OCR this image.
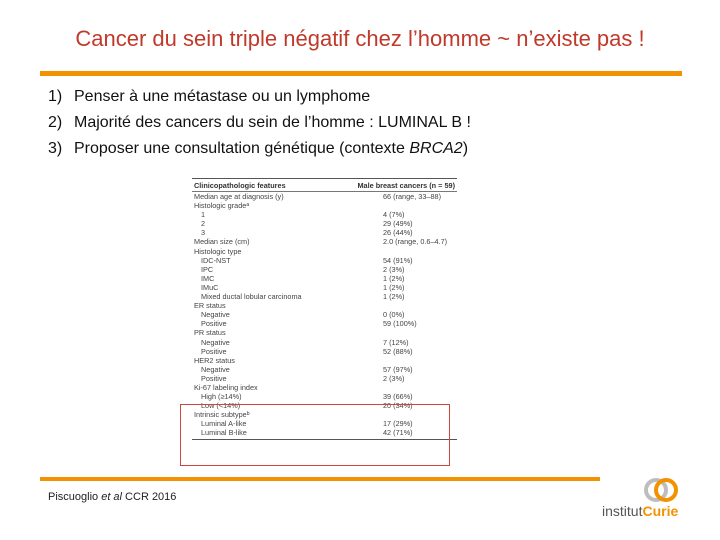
Cancer du sein triple négatif chez l’homme ~ n’existe pas !
1) Penser à une métastase ou un lymphome
2) Majorité des cancers du sein de l’homme : LUMINAL B !
3) Proposer une consultation génétique (contexte BRCA2)
Clinicopathologic features	Male breast cancers (n = 59)
Median age at diagnosis (y)	66 (range, 33–88)
Histologic grade a
1	4 (7%)
2	29 (49%)
3	26 (44%)
Median size (cm)	2.0 (range, 0.6–4.7)
Histologic type
IDC-NST	54 (91%)
IPC	2 (3%)
IMC	1 (2%)
IMuC	1 (2%)
Mixed ductal lobular carcinoma	1 (2%)
ER status
Negative	0 (0%)
Positive	59 (100%)
PR status
Negative	7 (12%)
Positive	52 (88%)
HER2 status
Negative	57 (97%)
Positive	2 (3%)
Ki-67 labeling index
High (≥14%)	39 (66%)
Low (<14%)	20 (34%)
Intrinsic subtype b
Luminal A-like	17 (29%)
Luminal B-like	42 (71%)
Piscuoglio et al CCR 2016
institutCurie
